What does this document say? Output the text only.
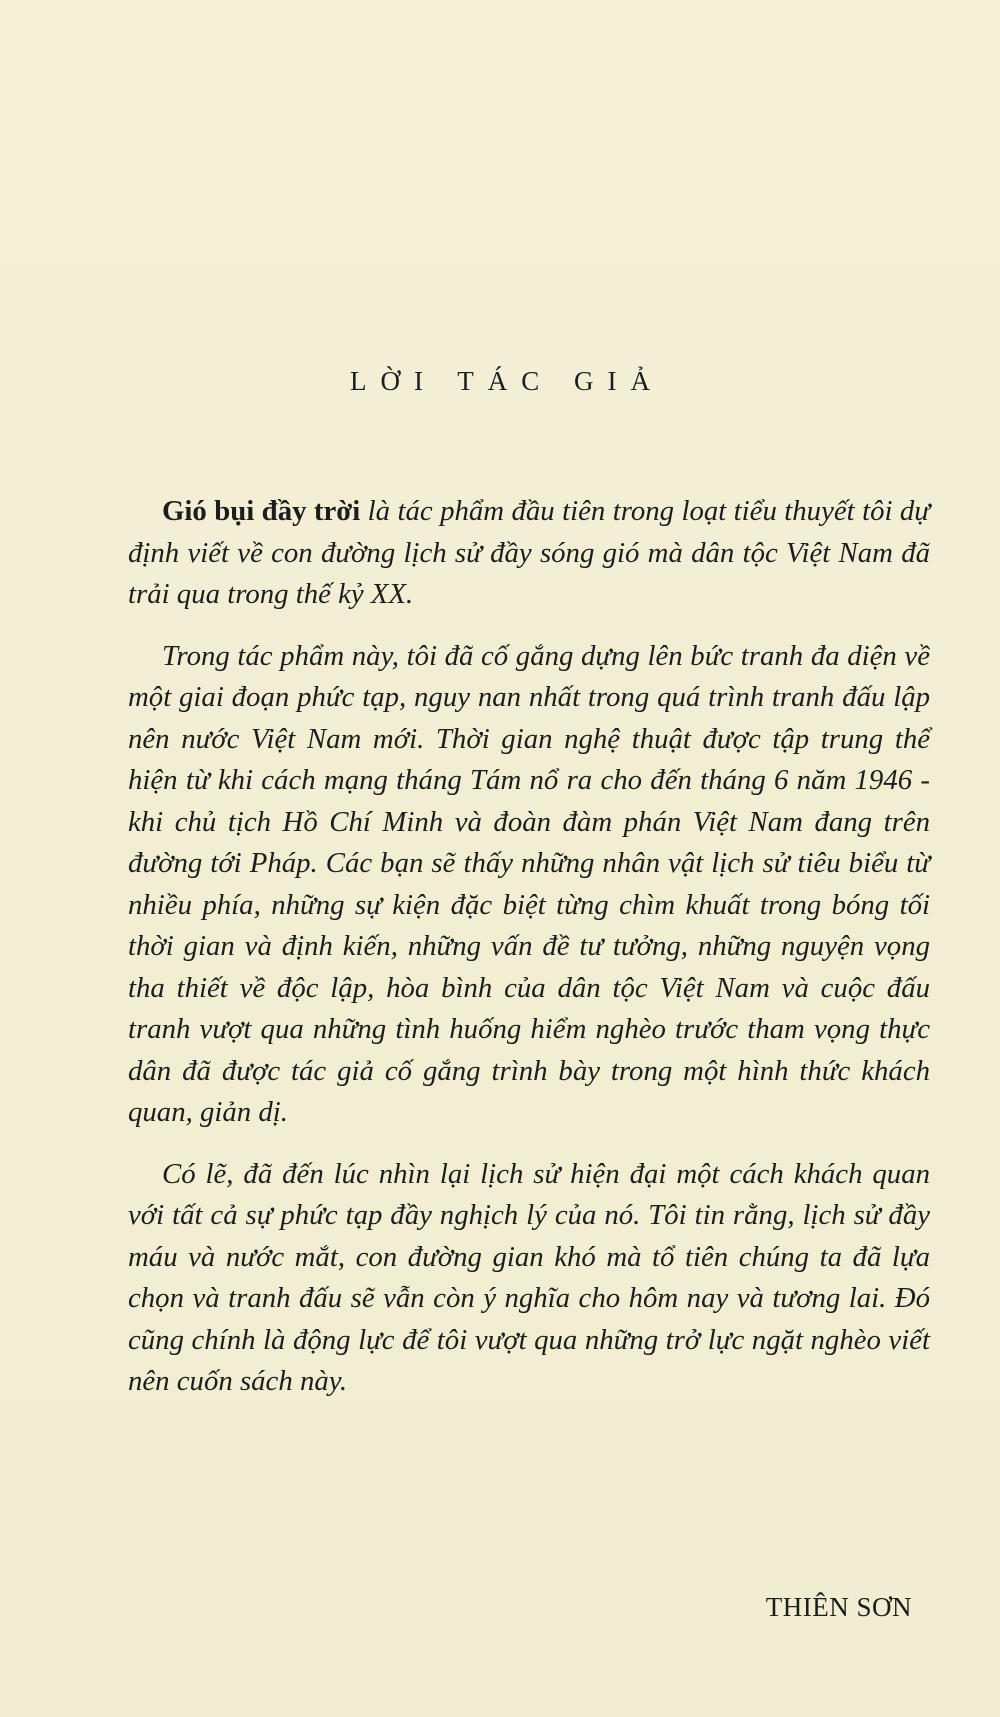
LỜI TÁC GIẢ

Gió bụi đầy trời là tác phẩm đầu tiên trong loạt tiểu thuyết tôi dự định viết về con đường lịch sử đầy sóng gió mà dân tộc Việt Nam đã trải qua trong thế kỷ XX.

Trong tác phẩm này, tôi đã cố gắng dựng lên bức tranh đa diện về một giai đoạn phức tạp, nguy nan nhất trong quá trình tranh đấu lập nên nước Việt Nam mới. Thời gian nghệ thuật được tập trung thể hiện từ khi cách mạng tháng Tám nổ ra cho đến tháng 6 năm 1946 - khi chủ tịch Hồ Chí Minh và đoàn đàm phán Việt Nam đang trên đường tới Pháp. Các bạn sẽ thấy những nhân vật lịch sử tiêu biểu từ nhiều phía, những sự kiện đặc biệt từng chìm khuất trong bóng tối thời gian và định kiến, những vấn đề tư tưởng, những nguyện vọng tha thiết về độc lập, hòa bình của dân tộc Việt Nam và cuộc đấu tranh vượt qua những tình huống hiểm nghèo trước tham vọng thực dân đã được tác giả cố gắng trình bày trong một hình thức khách quan, giản dị.

Có lẽ, đã đến lúc nhìn lại lịch sử hiện đại một cách khách quan với tất cả sự phức tạp đầy nghịch lý của nó. Tôi tin rằng, lịch sử đầy máu và nước mắt, con đường gian khó mà tổ tiên chúng ta đã lựa chọn và tranh đấu sẽ vẫn còn ý nghĩa cho hôm nay và tương lai. Đó cũng chính là động lực để tôi vượt qua những trở lực ngặt nghèo viết nên cuốn sách này.

THIÊN SƠN
